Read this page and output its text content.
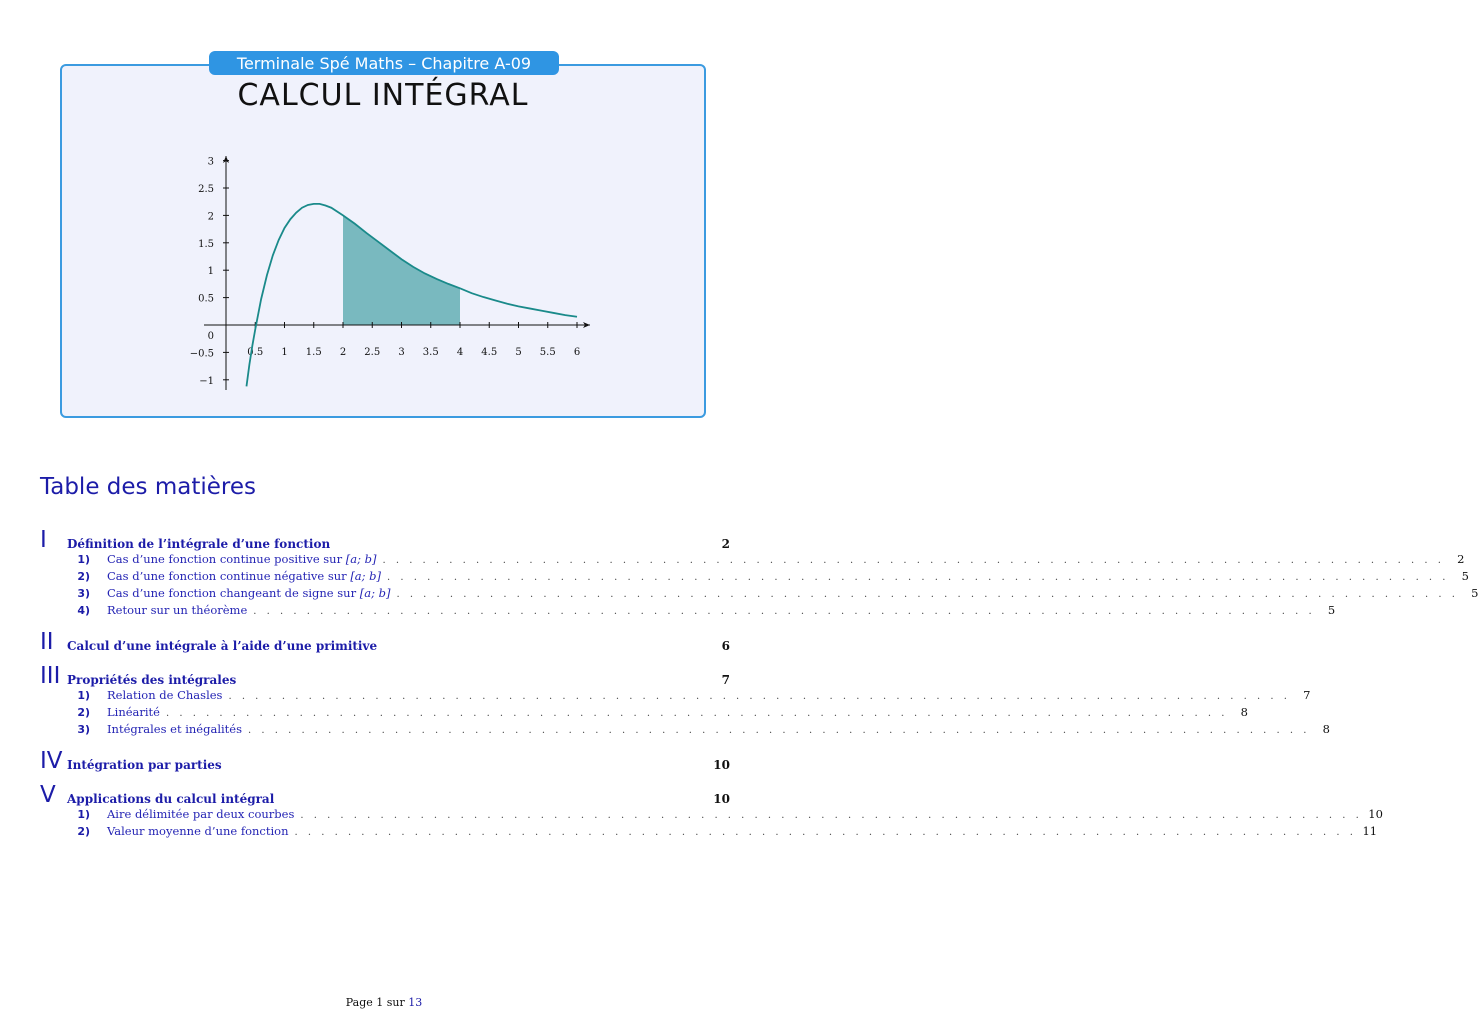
Terminale Spé Maths – Chapitre A-09
CALCUL INTÉGRAL
0.5 1 1.5 2 2.5 3 3.5 4 4.5 5 5.5 6
3
2.5
2
1.5
1
0.5
0
−0.5
−1
Table des matières
I Définition de l’intégrale d’une fonction	2
1)	Cas d’une fonction continue positive sur [a; b] . . . . . . . . . . . . . . . . . . . . . . . . . . . . . . . . . . . . . . . . . . . . . . . . . . . . . . . . . . . . . . . . . . . . . . . . . . . . . . . .	2
2)	Cas d’une fonction continue négative sur [a; b] . . . . . . . . . . . . . . . . . . . . . . . . . . . . . . . . . . . . . . . . . . . . . . . . . . . . . . . . . . . . . . . . . . . . . . . . . . . . . . . .	5
3)	Cas d’une fonction changeant de signe sur [a; b] . . . . . . . . . . . . . . . . . . . . . . . . . . . . . . . . . . . . . . . . . . . . . . . . . . . . . . . . . . . . . . . . . . . . . . . . . . . . . . . .	5
4)	Retour sur un théorème . . . . . . . . . . . . . . . . . . . . . . . . . . . . . . . . . . . . . . . . . . . . . . . . . . . . . . . . . . . . . . . . . . . . . . . . . . . . . . . .	5
II Calcul d’une intégrale à l’aide d’une primitive	6
III Propriétés des intégrales	7
1)	Relation de Chasles . . . . . . . . . . . . . . . . . . . . . . . . . . . . . . . . . . . . . . . . . . . . . . . . . . . . . . . . . . . . . . . . . . . . . . . . . . . . . . . .	7
2)	Linéarité . . . . . . . . . . . . . . . . . . . . . . . . . . . . . . . . . . . . . . . . . . . . . . . . . . . . . . . . . . . . . . . . . . . . . . . . . . . . . . . .	8
3)	Intégrales et inégalités . . . . . . . . . . . . . . . . . . . . . . . . . . . . . . . . . . . . . . . . . . . . . . . . . . . . . . . . . . . . . . . . . . . . . . . . . . . . . . . .	8
IV Intégration par parties	10
V Applications du calcul intégral	10
1)	Aire délimitée par deux courbes . . . . . . . . . . . . . . . . . . . . . . . . . . . . . . . . . . . . . . . . . . . . . . . . . . . . . . . . . . . . . . . . . . . . . . . . . . . . . . . . 10
2)	Valeur moyenne d’une fonction . . . . . . . . . . . . . . . . . . . . . . . . . . . . . . . . . . . . . . . . . . . . . . . . . . . . . . . . . . . . . . . . . . . . . . . . . . . . . . . . 11
Page 1 sur 13
